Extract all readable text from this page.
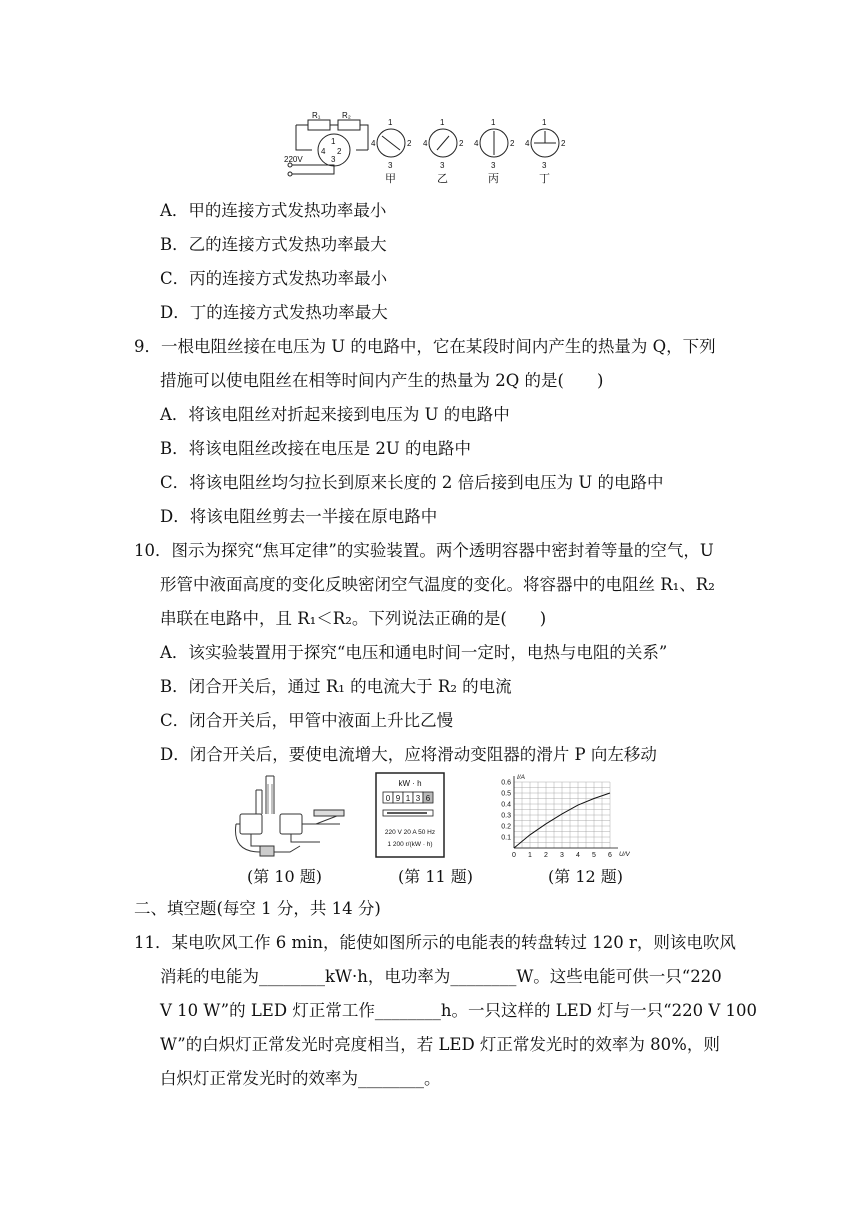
R₁	R₂
220V
1
2
3
4
1
2
3
4
1
2
3
4
1
2
3
4
1
2
3
4
甲	乙	丙	丁
A．甲的连接方式发热功率最小
B．乙的连接方式发热功率最大
C．丙的连接方式发热功率最小
D．丁的连接方式发热功率最大
9．一根电阻丝接在电压为 U 的电路中，它在某段时间内产生的热量为 Q，下列
措施可以使电阻丝在相等时间内产生的热量为 2Q 的是(　　)
A．将该电阻丝对折起来接到电压为 U 的电路中
B．将该电阻丝改接在电压是 2U 的电路中
C．将该电阻丝均匀拉长到原来长度的 2 倍后接到电压为 U 的电路中
D．将该电阻丝剪去一半接在原电路中
10．图示为探究“焦耳定律”的实验装置。两个透明容器中密封着等量的空气，U
形管中液面高度的变化反映密闭空气温度的变化。将容器中的电阻丝 R₁、R₂
串联在电路中，且 R₁＜R₂。下列说法正确的是(　　)
A．该实验装置用于探究“电压和通电时间一定时，电热与电阻的关系”
B．闭合开关后，通过 R₁ 的电流大于 R₂ 的电流
C．闭合开关后，甲管中液面上升比乙慢
D．闭合开关后，要使电流增大，应将滑动变阻器的滑片 P 向左移动
kW · h
0 9 1 3 6
220 V 20 A 50 Hz
1 200 r/(kW · h)
0 1 2 3 4 5 6
0.1
0.2
0.3
0.4
0.5
0.6
U/V
I/A
(第 10 题)	(第 11 题)	(第 12 题)
二、填空题(每空 1 分，共 14 分)
11．某电吹风工作 6 min，能使如图所示的电能表的转盘转过 120 r，则该电吹风
消耗的电能为________kW·h，电功率为________W。这些电能可供一只“220
V 10 W”的 LED 灯正常工作________h。一只这样的 LED 灯与一只“220 V 100
W”的白炽灯正常发光时亮度相当，若 LED 灯正常发光时的效率为 80%，则
白炽灯正常发光时的效率为________。
